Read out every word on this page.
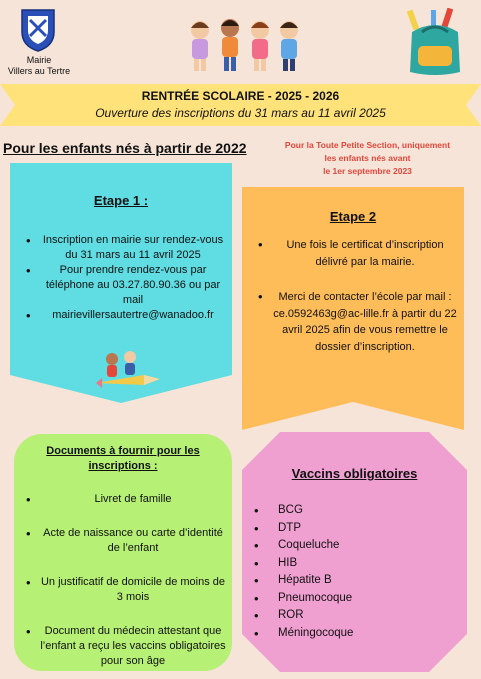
Mairie
Villers au Tertre
RENTRÉE SCOLAIRE - 2025 - 2026
Ouverture des inscriptions du 31 mars au 11 avril 2025
Pour les enfants nés à partir de 2022	Pour la Toute Petite Section, uniquement
les enfants nés avant
le 1er septembre 2023
Etape 1 :
• Inscription en mairie sur rendez-vous du 31 mars au 11 avril 2025
• Pour prendre rendez-vous par téléphone au 03.27.80.90.36 ou par mail
• mairievillersautertre@wanadoo.fr
Etape 2
• Une fois le certificat d’inscription délivré par la mairie.
• Merci de contacter l’école par mail : ce.0592463g@ac-lille.fr à partir du 22 avril 2025 afin de vous remettre le dossier d’inscription.
Documents à fournir pour les inscriptions :
• Livret de famille
• Acte de naissance ou carte d’identité de l’enfant
• Un justificatif de domicile de moins de 3 mois
• Document du médecin attestant que l’enfant a reçu les vaccins obligatoires pour son âge
Vaccins obligatoires
• BCG
• DTP
• Coqueluche
• HIB
• Hépatite B
• Pneumocoque
• ROR
• Méningocoque
